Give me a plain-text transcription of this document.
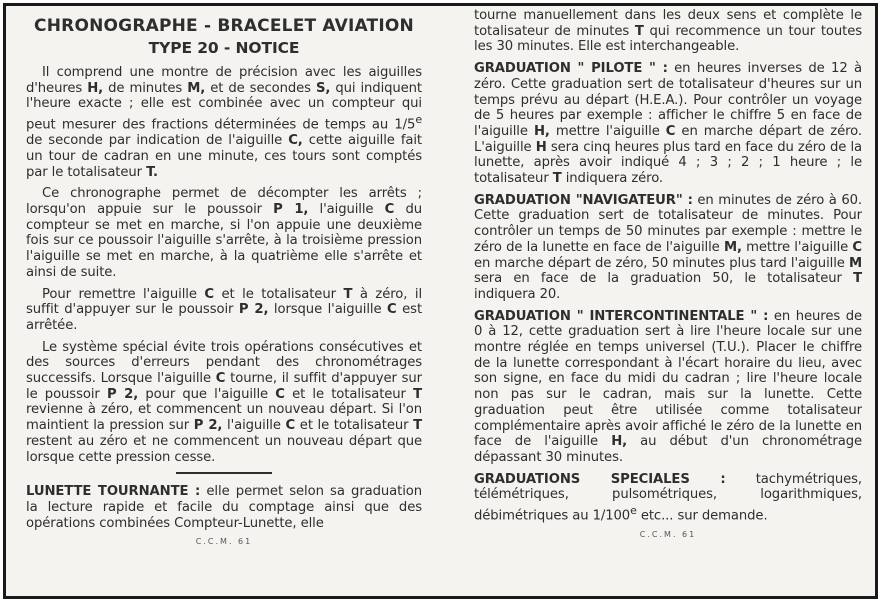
CHRONOGRAPHE - BRACELET AVIATION
TYPE 20 - NOTICE

Il comprend une montre de précision avec les aiguilles d'heures H, de minutes M, et de secondes S, qui indiquent l'heure exacte ; elle est combinée avec un compteur qui peut mesurer des fractions déterminées de temps au 1/5e de seconde par indication de l'aiguille C, cette aiguille fait un tour de cadran en une minute, ces tours sont comptés par le totalisateur T.

Ce chronographe permet de décompter les arrêts ; lorsqu'on appuie sur le poussoir P 1, l'aiguille C du compteur se met en marche, si l'on appuie une deuxième fois sur ce poussoir l'aiguille s'arrête, à la troisième pression l'aiguille se met en marche, à la quatrième elle s'arrête et ainsi de suite.

Pour remettre l'aiguille C et le totalisateur T à zéro, il suffit d'appuyer sur le poussoir P 2, lorsque l'aiguille C est arrêtée.

Le système spécial évite trois opérations consécutives et des sources d'erreurs pendant des chronométrages successifs. Lorsque l'aiguille C tourne, il suffit d'appuyer sur le poussoir P 2, pour que l'aiguille C et le totalisateur T revienne à zéro, et commencent un nouveau départ. Si l'on maintient la pression sur P 2, l'aiguille C et le totalisateur T restent au zéro et ne commencent un nouveau départ que lorsque cette pression cesse.

LUNETTE TOURNANTE : elle permet selon sa graduation la lecture rapide et facile du comptage ainsi que des opérations combinées Compteur-Lunette, elle

C.C.M. 61

tourne manuellement dans les deux sens et complète le totalisateur de minutes T qui recommence un tour toutes les 30 minutes. Elle est interchangeable.

GRADUATION " PILOTE " : en heures inverses de 12 à zéro. Cette graduation sert de totalisateur d'heures sur un temps prévu au départ (H.E.A.). Pour contrôler un voyage de 5 heures par exemple : afficher le chiffre 5 en face de l'aiguille H, mettre l'aiguille C en marche départ de zéro. L'aiguille H sera cinq heures plus tard en face du zéro de la lunette, après avoir indiqué 4 ; 3 ; 2 ; 1 heure ; le totalisateur T indiquera zéro.

GRADUATION "NAVIGATEUR" : en minutes de zéro à 60. Cette graduation sert de totalisateur de minutes. Pour contrôler un temps de 50 minutes par exemple : mettre le zéro de la lunette en face de l'aiguille M, mettre l'aiguille C en marche départ de zéro, 50 minutes plus tard l'aiguille M sera en face de la graduation 50, le totalisateur T indiquera 20.

GRADUATION " INTERCONTINENTALE " : en heures de 0 à 12, cette graduation sert à lire l'heure locale sur une montre réglée en temps universel (T.U.). Placer le chiffre de la lunette correspondant à l'écart horaire du lieu, avec son signe, en face du midi du cadran ; lire l'heure locale non pas sur le cadran, mais sur la lunette. Cette graduation peut être utilisée comme totalisateur complémentaire après avoir affiché le zéro de la lunette en face de l'aiguille H, au début d'un chronométrage dépassant 30 minutes.

GRADUATIONS SPECIALES : tachymétriques, télémétriques, pulsométriques, logarithmiques, débimétriques au 1/100e etc... sur demande.

C.C.M. 61
